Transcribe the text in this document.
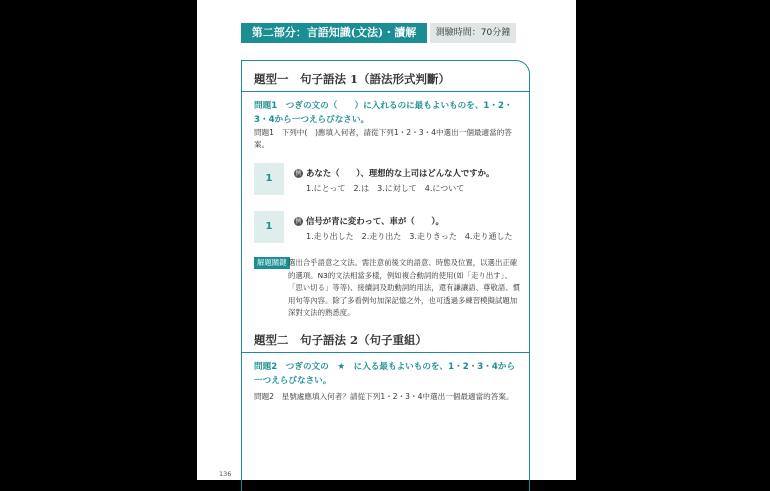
第二部分：言語知識(文法)・讀解	測驗時間：70分鐘
題型一　句子語法 1（語法形式判斷）
問題1　つぎの文の（　　）に入れるのに最もよいものを、1・2・3・4から一つえらびなさい。
問題1　下列中(　)應填入何者，請從下列1・2・3・4中選出一個最適當的答案。
1	例 あなた（　　）、理想的な上司はどんな人ですか。
1.にとって　2.は　3.に対して　4.について
1	例 信号が青に変わって、車が（　　）。
1.走り出した　2.走り出た　3.走りきった　4.走り通した
解題關鍵 選出合乎語意之文法。需注意前後文的語意、時態及位置，以選出正確的選項。N3的文法相當多樣，例如複合動詞的使用(如「走り出す」、「思い切る」等等)、接續詞及助動詞的用法，還有謙讓語、尊敬語、慣用句等內容。除了多看例句加深記憶之外，也可透過多練習模擬試題加深對文法的熟悉度。
題型二　句子語法 2（句子重組）
問題2　つぎの文の　★　に入る最もよいものを、1・2・3・4から一つえらびなさい。
問題2　星號處應填入何者？請從下列1・2・3・4中選出一個最適當的答案。
136
